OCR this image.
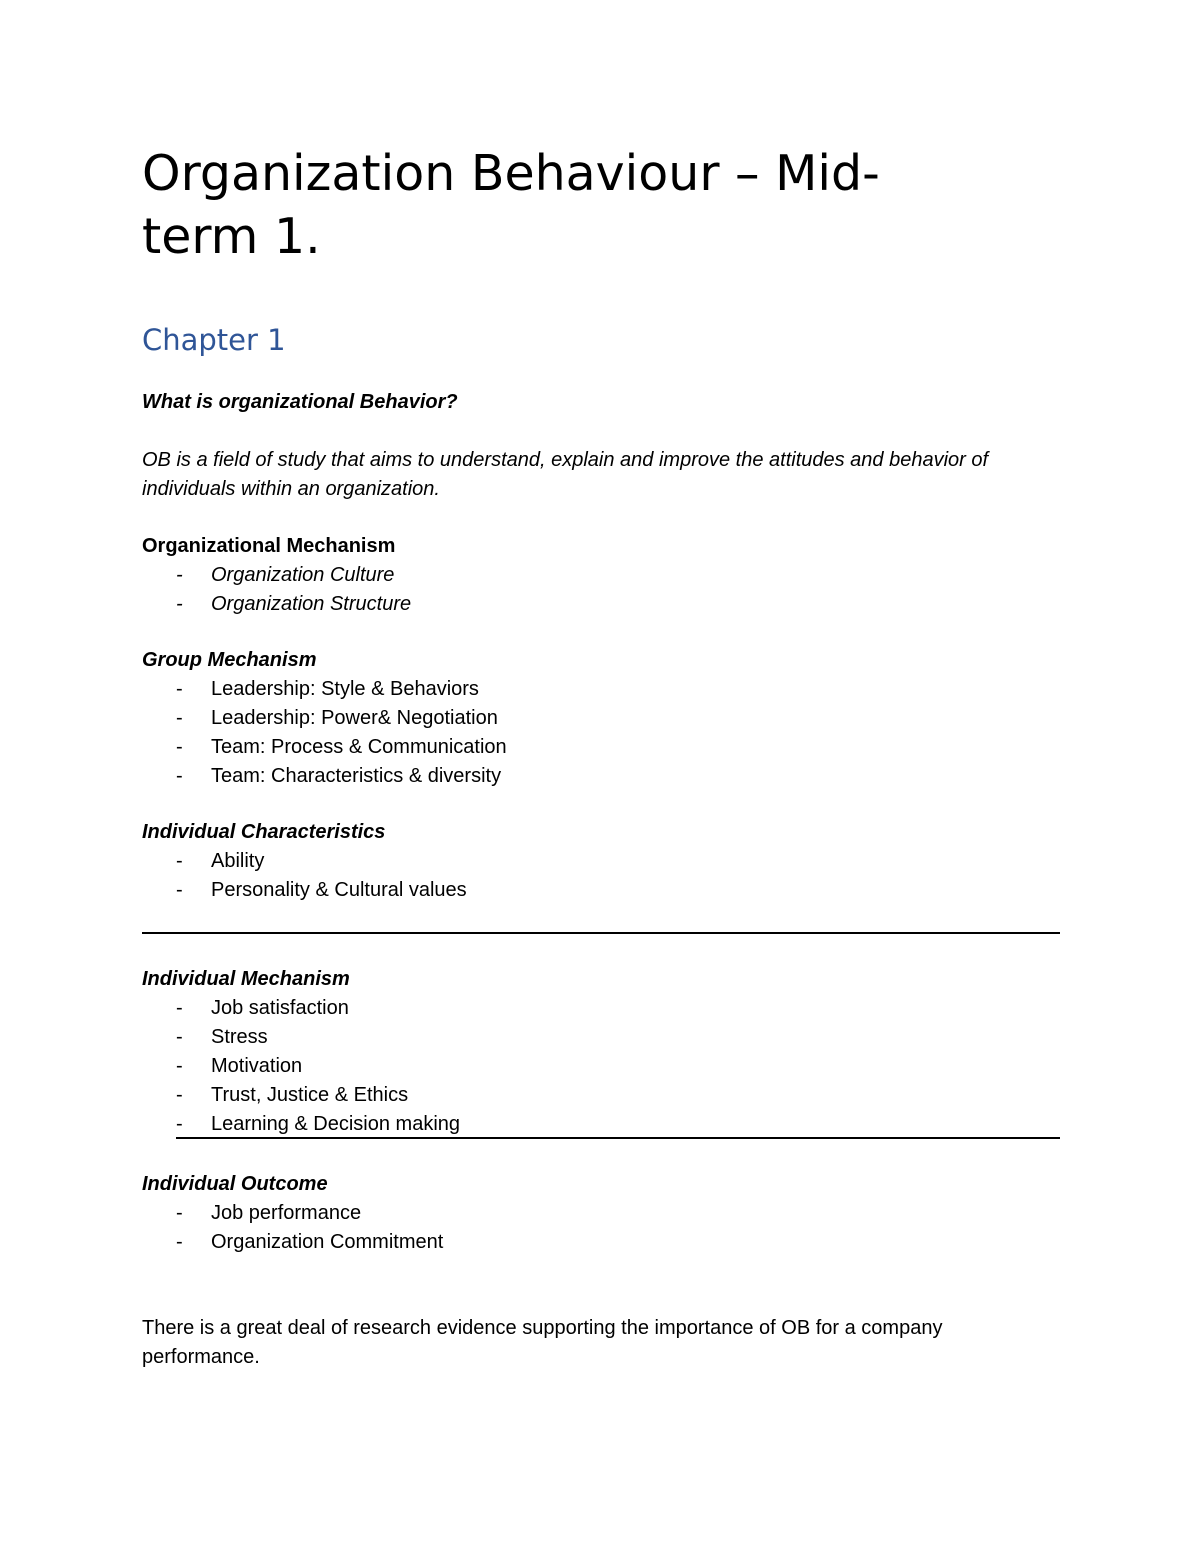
Organization Behaviour – Mid-
term 1.
Chapter 1

What is organizational Behavior?

OB is a field of study that aims to understand, explain and improve the attitudes and behavior of individuals within an organization.

Organizational Mechanism

- Organization Culture
- Organization Structure

Group Mechanism

- Leadership: Style & Behaviors
- Leadership: Power& Negotiation
- Team: Process & Communication
- Team: Characteristics & diversity

Individual Characteristics

- Ability
- Personality & Cultural values

Individual Mechanism

- Job satisfaction
- Stress
- Motivation
- Trust, Justice & Ethics
- Learning & Decision making

Individual Outcome

- Job performance
- Organization Commitment

There is a great deal of research evidence supporting the importance of OB for a company performance.
